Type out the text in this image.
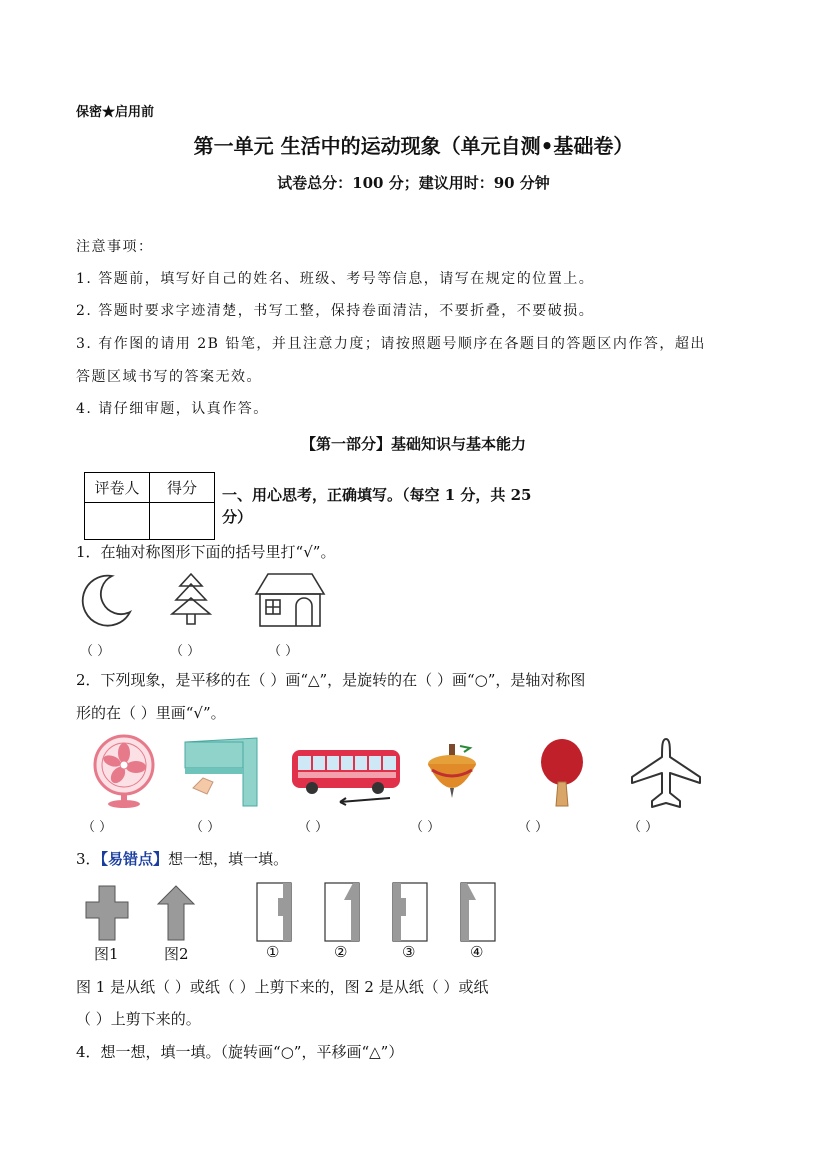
保密★启用前
第一单元 生活中的运动现象（单元自测•基础卷）
试卷总分：100 分；建议用时：90 分钟
注意事项：
1. 答题前，填写好自己的姓名、班级、考号等信息，请写在规定的位置上。
2. 答题时要求字迹清楚，书写工整，保持卷面清洁，不要折叠，不要破损。
3. 有作图的请用 2B 铅笔，并且注意力度；请按照题号顺序在各题目的答题区内作答，超出
答题区域书写的答案无效。
4. 请仔细审题，认真作答。
【第一部分】基础知识与基本能力
评卷人	得分
	一、用心思考，正确填写。（每空 1 分，共 25
分）
1．在轴对称图形下面的括号里打“√”。
（ ）	（ ）	（ ）
2．下列现象，是平移的在（ ）画“△”，是旋转的在（ ）画“○”，是轴对称图
形的在（ ）里画“√”。
（ ）	（ ）	（ ）	（ ）	（ ）	（ ）
3．【易错点】想一想，填一填。
图1	图2	①	②	③	④
图 1 是从纸（ ）或纸（ ）上剪下来的，图 2 是从纸（ ）或纸
（ ）上剪下来的。
4．想一想，填一填。（旋转画“○”，平移画“△”）
